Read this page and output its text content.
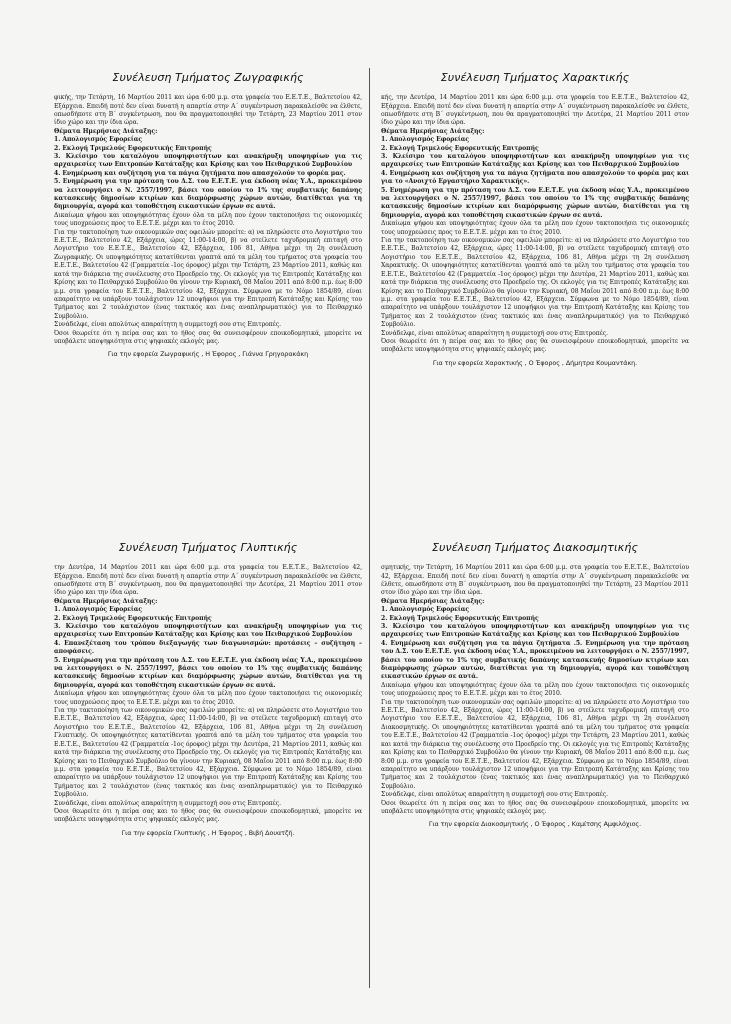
Συνέλευση Τμήματος Ζωγραφικής

φικής, την Τετάρτη, 16 Μαρτίου 2011 και ώρα 6:00 μ.μ. στα γραφεία του Ε.Ε.Τ.Ε., Βαλτετσίου 42, Εξάρχεια. Επειδή ποτέ δεν είναι δυνατή η απαρτία στην Α΄ συγκέντρωση παρακαλείσθε να έλθετε, οπωσδήποτε στη Β΄ συγκέντρωση, που θα πραγματοποιηθεί την Τετάρτη, 23 Μαρτίου 2011 στον ίδιο χώρο και την ίδια ώρα.

Θέματα Ημερήσιας Διάταξης:

1. Απολογισμός Εφορείας

2. Εκλογή Τριμελούς Εφορευτικής Επιτροπής

3. Κλείσιμο του καταλόγου υποψηφιοτήτων και ανακήρυξη υποψηφίων για τις αρχαιρεσίες των Επιτροπών Κατάταξης και Κρίσης και του Πειθαρχικού Συμβουλίου

4. Ενημέρωση και συζήτηση για τα πάγια ζητήματα που απασχολούν το φορέα μας.

5. Ενημέρωση για την πρόταση του Δ.Σ. του Ε.Ε.Τ.Ε. για έκδοση νέας Υ.Α., προκειμένου να λειτουργήσει ο Ν. 2557/1997, βάσει του οποίου το 1% της συμβατικής δαπάνης κατασκευής δημοσίων κτιρίων και διαμόρφωσης χώρων αυτών, διατίθεται για τη δημιουργία, αγορά και τοποθέτηση εικαστικών έργων σε αυτά.

Δικαίωμα ψήφου και υποψηφιότητας έχουν όλα τα μέλη που έχουν τακτοποιήσει τις οικονομικές τους υποχρεώσεις προς το Ε.Ε.Τ.Ε. μέχρι και το έτος 2010.

Για την τακτοποίηση των οικονομικών σας οφειλών μπορείτε: α) να πληρώσετε στο Λογιστήριο του Ε.Ε.Τ.Ε., Βαλτετσίου 42, Εξάρχεια, ώρες 11:00-14:00, β) να στείλετε ταχυδρομική επιταγή στο Λογιστήριο του Ε.Ε.Τ.Ε., Βαλτετσίου 42, Εξάρχεια, 106 81, Αθήνα μέχρι τη 2η συνέλευση Ζωγραφικής. Οι υποψηφιότητες κατατίθενται γραπτά από τα μέλη του τμήματος στα γραφεία του Ε.Ε.Τ.Ε., Βαλτετσίου 42 (Γραμματεία -1ος όροφος) μέχρι την Τετάρτη, 23 Μαρτίου 2011, καθώς και κατά την διάρκεια της συνέλευσης στο Προεδρείο της. Οι εκλογές για τις Επιτροπές Κατάταξης και Κρίσης και το Πειθαρχικό Συμβούλιο θα γίνουν την Κυριακή, 08 Μαΐου 2011 από 8:00 π.μ. έως 8:00 μ.μ. στα γραφεία του Ε.Ε.Τ.Ε., Βαλτετσίου 42, Εξάρχεια. Σύμφωνα με το Νόμο 1854/89, είναι απαραίτητο να υπάρξουν τουλάχιστον 12 υποψήφιοι για την Επιτροπή Κατάταξης και Κρίσης του Τμήματος και 2 τουλάχιστον (ένας τακτικός και ένας αναπληρωματικός) για το Πειθαρχικό Συμβούλιο.

Συνάδελφε, είναι απολύτως απαραίτητη η συμμετοχή σου στις Επιτροπές.

Όσοι θεωρείτε ότι η πείρα σας και το ήθος σας θα συνεισφέρουν εποικοδομητικά, μπορείτε να υποβάλετε υποψηφιότητα στις ψηφιακές εκλογές μας.

Για την εφορεία Ζωγραφικής , Η Έφορος , Γιάννα Γρηγορακάκη

Συνέλευση Τμήματος Χαρακτικής

κής, την Δευτέρα, 14 Μαρτίου 2011 και ώρα 6:00 μ.μ. στα γραφεία του Ε.Ε.Τ.Ε., Βαλτετσίου 42, Εξάρχεια. Επειδή ποτέ δεν είναι δυνατή η απαρτία στην Α΄ συγκέντρωση παρακαλείσθε να έλθετε, οπωσδήποτε στη Β΄ συγκέντρωση, που θα πραγματοποιηθεί την Δευτέρα, 21 Μαρτίου 2011 στον ίδιο χώρο και την ίδια ώρα.

Θέματα Ημερήσιας Διάταξης:

1. Απολογισμός Εφορείας

2. Εκλογή Τριμελούς Εφορευτικής Επιτροπής

3. Κλείσιμο του καταλόγου υποψηφιοτήτων και ανακήρυξη υποψηφίων για τις αρχαιρεσίες των Επιτροπών Κατάταξης και Κρίσης και του Πειθαρχικού Συμβουλίου

4. Ενημέρωση και συζήτηση για τα πάγια ζητήματα που απασχολούν το φορέα μας και για το «Ανοιχτό Εργαστήριο Χαρακτικής».

5. Ενημέρωση για την πρόταση του Δ.Σ. του Ε.Ε.Τ.Ε. για έκδοση νέας Υ.Α., προκειμένου να λειτουργήσει ο Ν. 2557/1997, βάσει του οποίου το 1% της συμβατικής δαπάνης κατασκευής δημοσίων κτιρίων και διαμόρφωσης χώρων αυτών, διατίθεται για τη δημιουργία, αγορά και τοποθέτηση εικαστικών έργων σε αυτά.

Δικαίωμα ψήφου και υποψηφιότητας έχουν όλα τα μέλη που έχουν τακτοποιήσει τις οικονομικές τους υποχρεώσεις προς το Ε.Ε.Τ.Ε. μέχρι και το έτος 2010.

Για την τακτοποίηση των οικονομικών σας οφειλών μπορείτε: α) να πληρώσετε στο Λογιστήριο του Ε.Ε.Τ.Ε., Βαλτετσίου 42, Εξάρχεια, ώρες 11:00-14:00, β) να στείλετε ταχυδρομική επιταγή στο Λογιστήριο του Ε.Ε.Τ.Ε., Βαλτετσίου 42, Εξάρχεια, 106 81, Αθήνα μέχρι τη 2η συνέλευση Χαρακτικής. Οι υποψηφιότητες κατατίθενται γραπτά από τα μέλη του τμήματος στα γραφεία του Ε.Ε.Τ.Ε., Βαλτετσίου 42 (Γραμματεία -1ος όροφος) μέχρι την Δευτέρα, 21 Μαρτίου 2011, καθώς και κατά την διάρκεια της συνέλευσης στο Προεδρείο της. Οι εκλογές για τις Επιτροπές Κατάταξης και Κρίσης και το Πειθαρχικό Συμβούλιο θα γίνουν την Κυριακή, 08 Μαΐου 2011 από 8:00 π.μ. έως 8:00 μ.μ. στα γραφεία του Ε.Ε.Τ.Ε., Βαλτετσίου 42, Εξάρχεια. Σύμφωνα με το Νόμο 1854/89, είναι απαραίτητο να υπάρξουν τουλάχιστον 12 υποψήφιοι για την Επιτροπή Κατάταξης και Κρίσης του Τμήματος και 2 τουλάχιστον (ένας τακτικός και ένας αναπληρωματικός) για το Πειθαρχικό Συμβούλιο.

Συνάδελφε, είναι απολύτως απαραίτητη η συμμετοχή σου στις Επιτροπές.

Όσοι θεωρείτε ότι η πείρα σας και το ήθος σας θα συνεισφέρουν εποικοδομητικά, μπορείτε να υποβάλετε υποψηφιότητα στις ψηφιακές εκλογές μας.

Για την εφορεία Χαρακτικής , Ο Έφορος , Δήμητρα Κουμαντάκη.

Συνέλευση Τμήματος Γλυπτικής

την Δευτέρα, 14 Μαρτίου 2011 και ώρα 6:00 μ.μ. στα γραφεία του Ε.Ε.Τ.Ε., Βαλτετσίου 42, Εξάρχεια. Επειδή ποτέ δεν είναι δυνατή η απαρτία στην Α΄ συγκέντρωση παρακαλείσθε να έλθετε, οπωσδήποτε στη Β΄ συγκέντρωση, που θα πραγματοποιηθεί την Δευτέρα, 21 Μαρτίου 2011 στον ίδιο χώρο και την ίδια ώρα.

Θέματα Ημερήσιας Διάταξης:

1. Απολογισμός Εφορείας

2. Εκλογή Τριμελούς Εφορευτικής Επιτροπής

3. Κλείσιμο του καταλόγου υποψηφιοτήτων και ανακήρυξη υποψηφίων για τις αρχαιρεσίες των Επιτροπών Κατάταξης και Κρίσης και του Πειθαρχικού Συμβουλίου

4. Επανεξέταση του τρόπου διεξαγωγής των διαγωνισμών: προτάσεις – συζήτηση – αποφάσεις.

5. Ενημέρωση για την πρόταση του Δ.Σ. του Ε.Ε.Τ.Ε. για έκδοση νέας Υ.Α., προκειμένου να λειτουργήσει ο Ν. 2557/1997, βάσει του οποίου το 1% της συμβατικής δαπάνης κατασκευής δημοσίων κτιρίων και διαμόρφωσης χώρων αυτών, διατίθεται για τη δημιουργία, αγορά και τοποθέτηση εικαστικών έργων σε αυτά.

Δικαίωμα ψήφου και υποψηφιότητας έχουν όλα τα μέλη που έχουν τακτοποιήσει τις οικονομικές τους υποχρεώσεις προς το Ε.Ε.Τ.Ε. μέχρι και το έτος 2010.

Για την τακτοποίηση των οικονομικών σας οφειλών μπορείτε: α) να πληρώσετε στο Λογιστήριο του Ε.Ε.Τ.Ε., Βαλτετσίου 42, Εξάρχεια, ώρες 11:00-14:00, β) να στείλετε ταχυδρομική επιταγή στο Λογιστήριο του Ε.Ε.Τ.Ε., Βαλτετσίου 42, Εξάρχεια, 106 81, Αθήνα μέχρι τη 2η συνέλευση Γλυπτικής. Οι υποψηφιότητες κατατίθενται γραπτά από τα μέλη του τμήματος στα γραφεία του Ε.Ε.Τ.Ε., Βαλτετσίου 42 (Γραμματεία -1ος όροφος) μέχρι την Δευτέρα, 21 Μαρτίου 2011, καθώς και κατά την διάρκεια της συνέλευσης στο Προεδρείο της. Οι εκλογές για τις Επιτροπές Κατάταξης και Κρίσης και το Πειθαρχικό Συμβούλιο θα γίνουν την Κυριακή, 08 Μαΐου 2011 από 8:00 π.μ. έως 8:00 μ.μ. στα γραφεία του Ε.Ε.Τ.Ε., Βαλτετσίου 42, Εξάρχεια. Σύμφωνα με το Νόμο 1854/89, είναι απαραίτητο να υπάρξουν τουλάχιστον 12 υποψήφιοι για την Επιτροπή Κατάταξης και Κρίσης του Τμήματος και 2 τουλάχιστον (ένας τακτικός και ένας αναπληρωματικός) για το Πειθαρχικό Συμβούλιο.

Συνάδελφε, είναι απολύτως απαραίτητη η συμμετοχή σου στις Επιτροπές.

Όσοι θεωρείτε ότι η πείρα σας και το ήθος σας θα συνεισφέρουν εποικοδομητικά, μπορείτε να υποβάλετε υποψηφιότητα στις ψηφιακές εκλογές μας.

Για την εφορεία Γλυπτικής , Η Έφορος , Βιβή Δουατζή.

Συνέλευση Τμήματος Διακοσμητικής

σμητικής, την Τετάρτη, 16 Μαρτίου 2011 και ώρα 6:00 μ.μ. στα γραφεία του Ε.Ε.Τ.Ε., Βαλτετσίου 42, Εξάρχεια. Επειδή ποτέ δεν είναι δυνατή η απαρτία στην Α΄ συγκέντρωση παρακαλείσθε να έλθετε, οπωσδήποτε στη Β΄ συγκέντρωση, που θα πραγματοποιηθεί την Τετάρτη, 23 Μαρτίου 2011 στον ίδιο χώρο και την ίδια ώρα.

Θέματα Ημερήσιας Διάταξης:

1. Απολογισμός Εφορείας

2. Εκλογή Τριμελούς Εφορευτικής Επιτροπής

3. Κλείσιμο του καταλόγου υποψηφιοτήτων και ανακήρυξη υποψηφίων για τις αρχαιρεσίες των Επιτροπών Κατάταξης και Κρίσης και του Πειθαρχικού Συμβουλίου

4. Ενημέρωση και συζήτηση για τα πάγια ζητήματα .5. Ενημέρωση για την πρόταση του Δ.Σ. του Ε.Ε.Τ.Ε. για έκδοση νέας Υ.Α., προκειμένου να λειτουργήσει ο Ν. 2557/1997, βάσει του οποίου το 1% της συμβατικής δαπάνης κατασκευής δημοσίων κτιρίων και διαμόρφωσης χώρων αυτών, διατίθεται για τη δημιουργία, αγορά και τοποθέτηση εικαστικών έργων σε αυτά.

Δικαίωμα ψήφου και υποψηφιότητας έχουν όλα τα μέλη που έχουν τακτοποιήσει τις οικονομικές τους υποχρεώσεις προς το Ε.Ε.Τ.Ε. μέχρι και το έτος 2010.

Για την τακτοποίηση των οικονομικών σας οφειλών μπορείτε: α) να πληρώσετε στο Λογιστήριο του Ε.Ε.Τ.Ε., Βαλτετσίου 42, Εξάρχεια, ώρες 11:00-14:00, β) να στείλετε ταχυδρομική επιταγή στο Λογιστήριο του Ε.Ε.Τ.Ε., Βαλτετσίου 42, Εξάρχεια, 106 81, Αθήνα μέχρι τη 2η συνέλευση Διακοσμητικής. Οι υποψηφιότητες κατατίθενται γραπτά από τα μέλη του τμήματος στα γραφεία του Ε.Ε.Τ.Ε., Βαλτετσίου 42 (Γραμματεία -1ος όροφος) μέχρι την Τετάρτη, 23 Μαρτίου 2011, καθώς και κατά την διάρκεια της συνέλευσης στο Προεδρείο της. Οι εκλογές για τις Επιτροπές Κατάταξης και Κρίσης και το Πειθαρχικό Συμβούλιο θα γίνουν την Κυριακή, 08 Μαΐου 2011 από 8:00 π.μ. έως 8:00 μ.μ. στα γραφεία του Ε.Ε.Τ.Ε., Βαλτετσίου 42, Εξάρχεια. Σύμφωνα με το Νόμο 1854/89, είναι απαραίτητο να υπάρξουν τουλάχιστον 12 υποψήφιοι για την Επιτροπή Κατάταξης και Κρίσης του Τμήματος και 2 τουλάχιστον (ένας τακτικός και ένας αναπληρωματικός) για το Πειθαρχικό Συμβούλιο.

Συνάδελφε, είναι απολύτως απαραίτητη η συμμετοχή σου στις Επιτροπές.

Όσοι θεωρείτε ότι η πείρα σας και το ήθος σας θα συνεισφέρουν εποικοδομητικά, μπορείτε να υποβάλετε υποψηφιότητα στις ψηφιακές εκλογές μας.

Για την εφορεία Διακοσμητικής , Ο Έφορος , Καμίτσης Αμφιλόχιος.
